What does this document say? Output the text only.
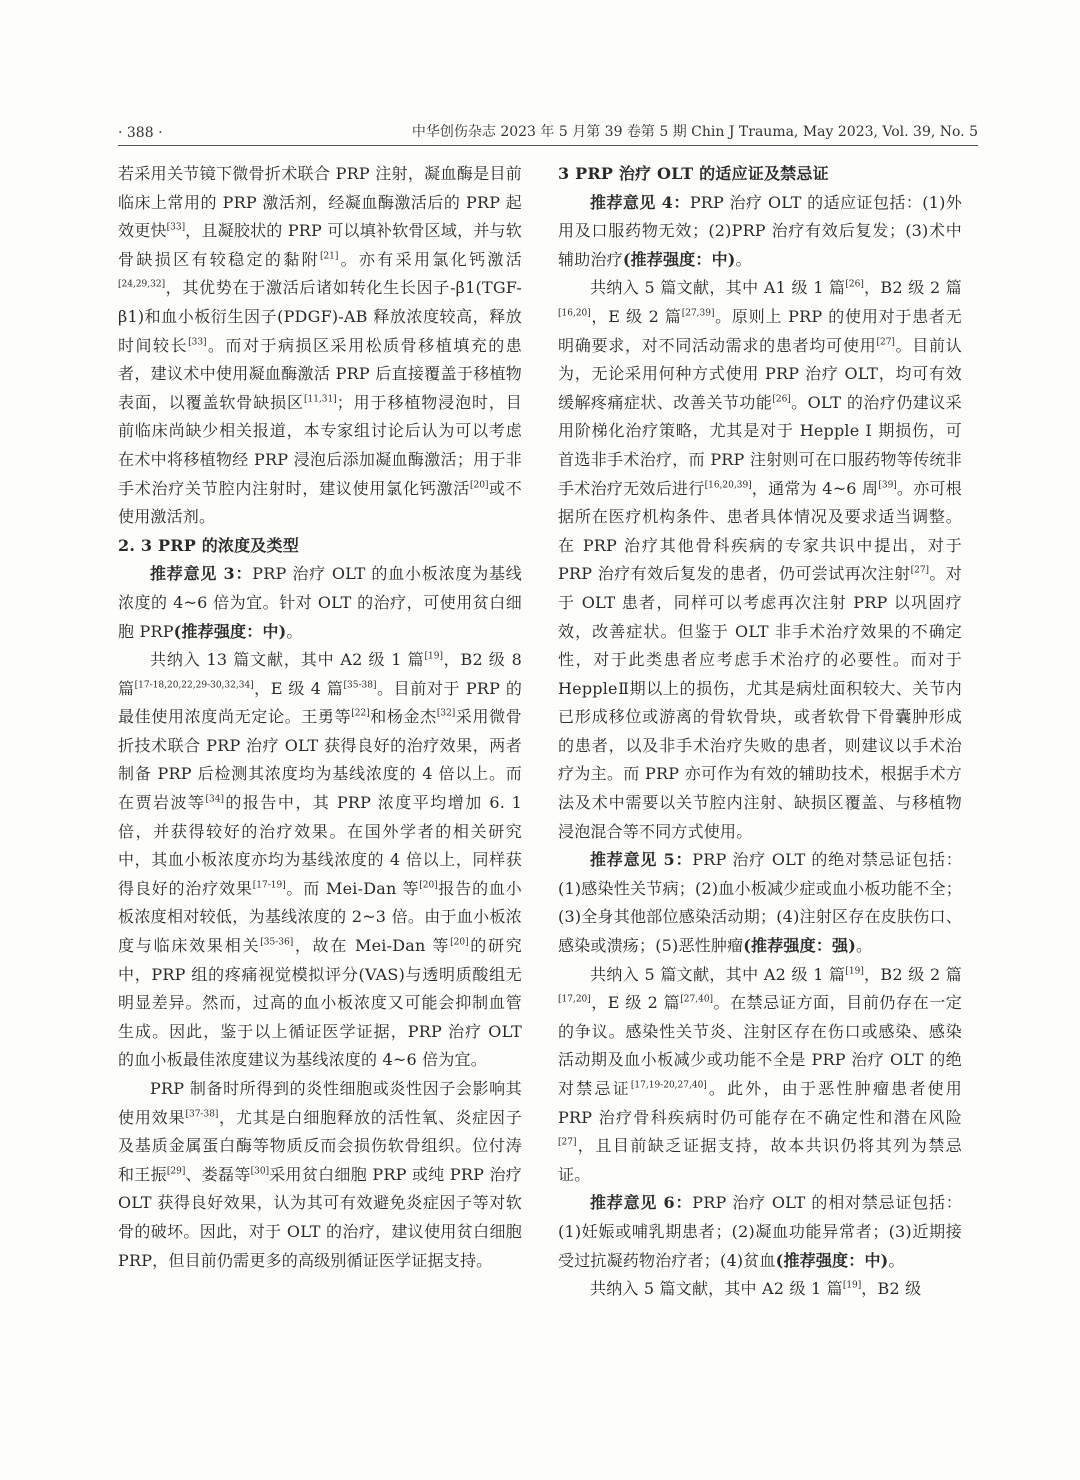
· 388 ·	中华创伤杂志 2023 年 5 月第 39 卷第 5 期 Chin J Trauma, May 2023, Vol. 39, No. 5

若采用关节镜下微骨折术联合 PRP 注射，凝血酶是目前临床上常用的 PRP 激活剂，经凝血酶激活后的 PRP 起效更快[33]，且凝胶状的 PRP 可以填补软骨区域，并与软骨缺损区有较稳定的黏附[21]。亦有采用氯化钙激活[24,29,32]，其优势在于激活后诸如转化生长因子-β1(TGF-β1)和血小板衍生因子(PDGF)-AB 释放浓度较高，释放时间较长[33]。而对于病损区采用松质骨移植填充的患者，建议术中使用凝血酶激活 PRP 后直接覆盖于移植物表面，以覆盖软骨缺损区[11,31]；用于移植物浸泡时，目前临床尚缺少相关报道，本专家组讨论后认为可以考虑在术中将移植物经 PRP 浸泡后添加凝血酶激活；用于非手术治疗关节腔内注射时，建议使用氯化钙激活[20]或不使用激活剂。

2. 3 PRP 的浓度及类型

推荐意见 3：PRP 治疗 OLT 的血小板浓度为基线浓度的 4~6 倍为宜。针对 OLT 的治疗，可使用贫白细胞 PRP(推荐强度：中)。

共纳入 13 篇文献，其中 A2 级 1 篇[19]，B2 级 8 篇[17-18,20,22,29-30,32,34]，E 级 4 篇[35-38]。目前对于 PRP 的最佳使用浓度尚无定论。王勇等[22]和杨金杰[32]采用微骨折技术联合 PRP 治疗 OLT 获得良好的治疗效果，两者制备 PRP 后检测其浓度均为基线浓度的 4 倍以上。而在贾岩波等[34]的报告中，其 PRP 浓度平均增加 6. 1 倍，并获得较好的治疗效果。在国外学者的相关研究中，其血小板浓度亦均为基线浓度的 4 倍以上，同样获得良好的治疗效果[17-19]。而 Mei-Dan 等[20]报告的血小板浓度相对较低，为基线浓度的 2~3 倍。由于血小板浓度与临床效果相关[35-36]，故在 Mei-Dan 等[20]的研究中，PRP 组的疼痛视觉模拟评分(VAS)与透明质酸组无明显差异。然而，过高的血小板浓度又可能会抑制血管生成。因此，鉴于以上循证医学证据，PRP 治疗 OLT 的血小板最佳浓度建议为基线浓度的 4~6 倍为宜。

PRP 制备时所得到的炎性细胞或炎性因子会影响其使用效果[37-38]，尤其是白细胞释放的活性氧、炎症因子及基质金属蛋白酶等物质反而会损伤软骨组织。位付涛和王振[29]、娄磊等[30]采用贫白细胞 PRP 或纯 PRP 治疗 OLT 获得良好效果，认为其可有效避免炎症因子等对软骨的破坏。因此，对于 OLT 的治疗，建议使用贫白细胞 PRP，但目前仍需更多的高级别循证医学证据支持。

3 PRP 治疗 OLT 的适应证及禁忌证

推荐意见 4：PRP 治疗 OLT 的适应证包括：(1)外用及口服药物无效；(2)PRP 治疗有效后复发；(3)术中辅助治疗(推荐强度：中)。

共纳入 5 篇文献，其中 A1 级 1 篇[26]，B2 级 2 篇[16,20]，E 级 2 篇[27,39]。原则上 PRP 的使用对于患者无明确要求，对不同活动需求的患者均可使用[27]。目前认为，无论采用何种方式使用 PRP 治疗 OLT，均可有效缓解疼痛症状、改善关节功能[26]。OLT 的治疗仍建议采用阶梯化治疗策略，尤其是对于 Hepple Ⅰ 期损伤，可首选非手术治疗，而 PRP 注射则可在口服药物等传统非手术治疗无效后进行[16,20,39]，通常为 4~6 周[39]。亦可根据所在医疗机构条件、患者具体情况及要求适当调整。在 PRP 治疗其他骨科疾病的专家共识中提出，对于 PRP 治疗有效后复发的患者，仍可尝试再次注射[27]。对于 OLT 患者，同样可以考虑再次注射 PRP 以巩固疗效，改善症状。但鉴于 OLT 非手术治疗效果的不确定性，对于此类患者应考虑手术治疗的必要性。而对于 HeppleⅡ期以上的损伤，尤其是病灶面积较大、关节内已形成移位或游离的骨软骨块，或者软骨下骨囊肿形成的患者，以及非手术治疗失败的患者，则建议以手术治疗为主。而 PRP 亦可作为有效的辅助技术，根据手术方法及术中需要以关节腔内注射、缺损区覆盖、与移植物浸泡混合等不同方式使用。

推荐意见 5：PRP 治疗 OLT 的绝对禁忌证包括：(1)感染性关节病；(2)血小板减少症或血小板功能不全；(3)全身其他部位感染活动期；(4)注射区存在皮肤伤口、感染或溃疡；(5)恶性肿瘤(推荐强度：强)。

共纳入 5 篇文献，其中 A2 级 1 篇[19]，B2 级 2 篇[17,20]，E 级 2 篇[27,40]。在禁忌证方面，目前仍存在一定的争议。感染性关节炎、注射区存在伤口或感染、感染活动期及血小板减少或功能不全是 PRP 治疗 OLT 的绝对禁忌证[17,19-20,27,40]。此外，由于恶性肿瘤患者使用 PRP 治疗骨科疾病时仍可能存在不确定性和潜在风险[27]，且目前缺乏证据支持，故本共识仍将其列为禁忌证。

推荐意见 6：PRP 治疗 OLT 的相对禁忌证包括：(1)妊娠或哺乳期患者；(2)凝血功能异常者；(3)近期接受过抗凝药物治疗者；(4)贫血(推荐强度：中)。

共纳入 5 篇文献，其中 A2 级 1 篇[19]，B2 级
